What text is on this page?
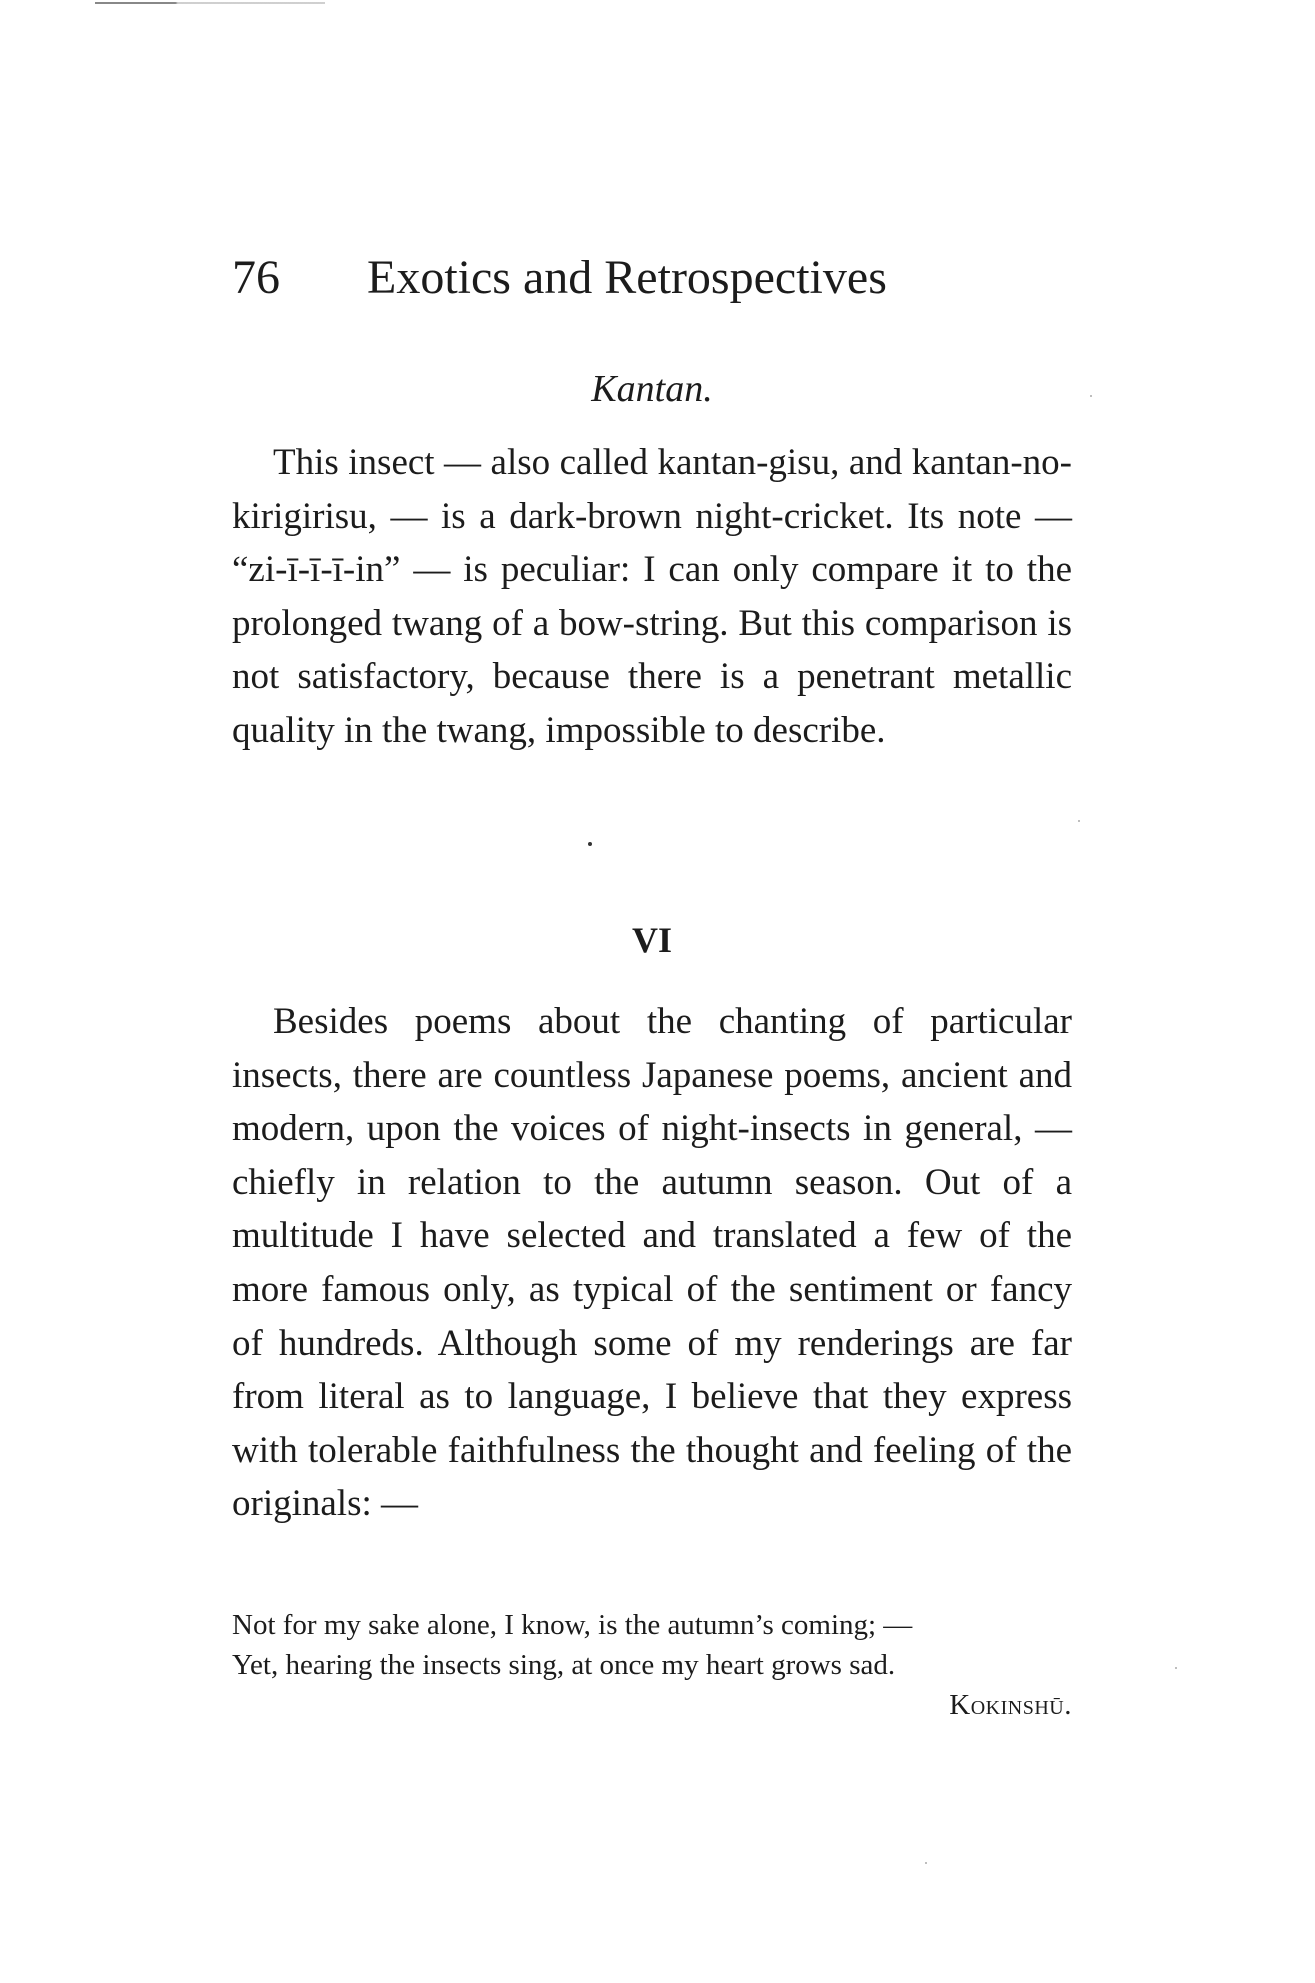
76 Exotics and Retrospectives
Kantan.

This insect — also called kantan-gisu, and kantan-no-kirigirisu, — is a dark-brown night-cricket. Its note — “zi-ī-ī-ī-in” — is peculiar: I can only compare it to the prolonged twang of a bow-string. But this comparison is not satisfactory, because there is a penetrant metallic quality in the twang, impossible to describe.

VI

Besides poems about the chanting of particular insects, there are countless Japanese poems, ancient and modern, upon the voices of night-insects in general, — chiefly in relation to the autumn season. Out of a multitude I have selected and translated a few of the more famous only, as typical of the sentiment or fancy of hundreds. Although some of my renderings are far from literal as to language, I believe that they express with tolerable faithfulness the thought and feeling of the originals: —

Not for my sake alone, I know, is the autumn’s coming; —
Yet, hearing the insects sing, at once my heart grows sad.
Kokinshū.
